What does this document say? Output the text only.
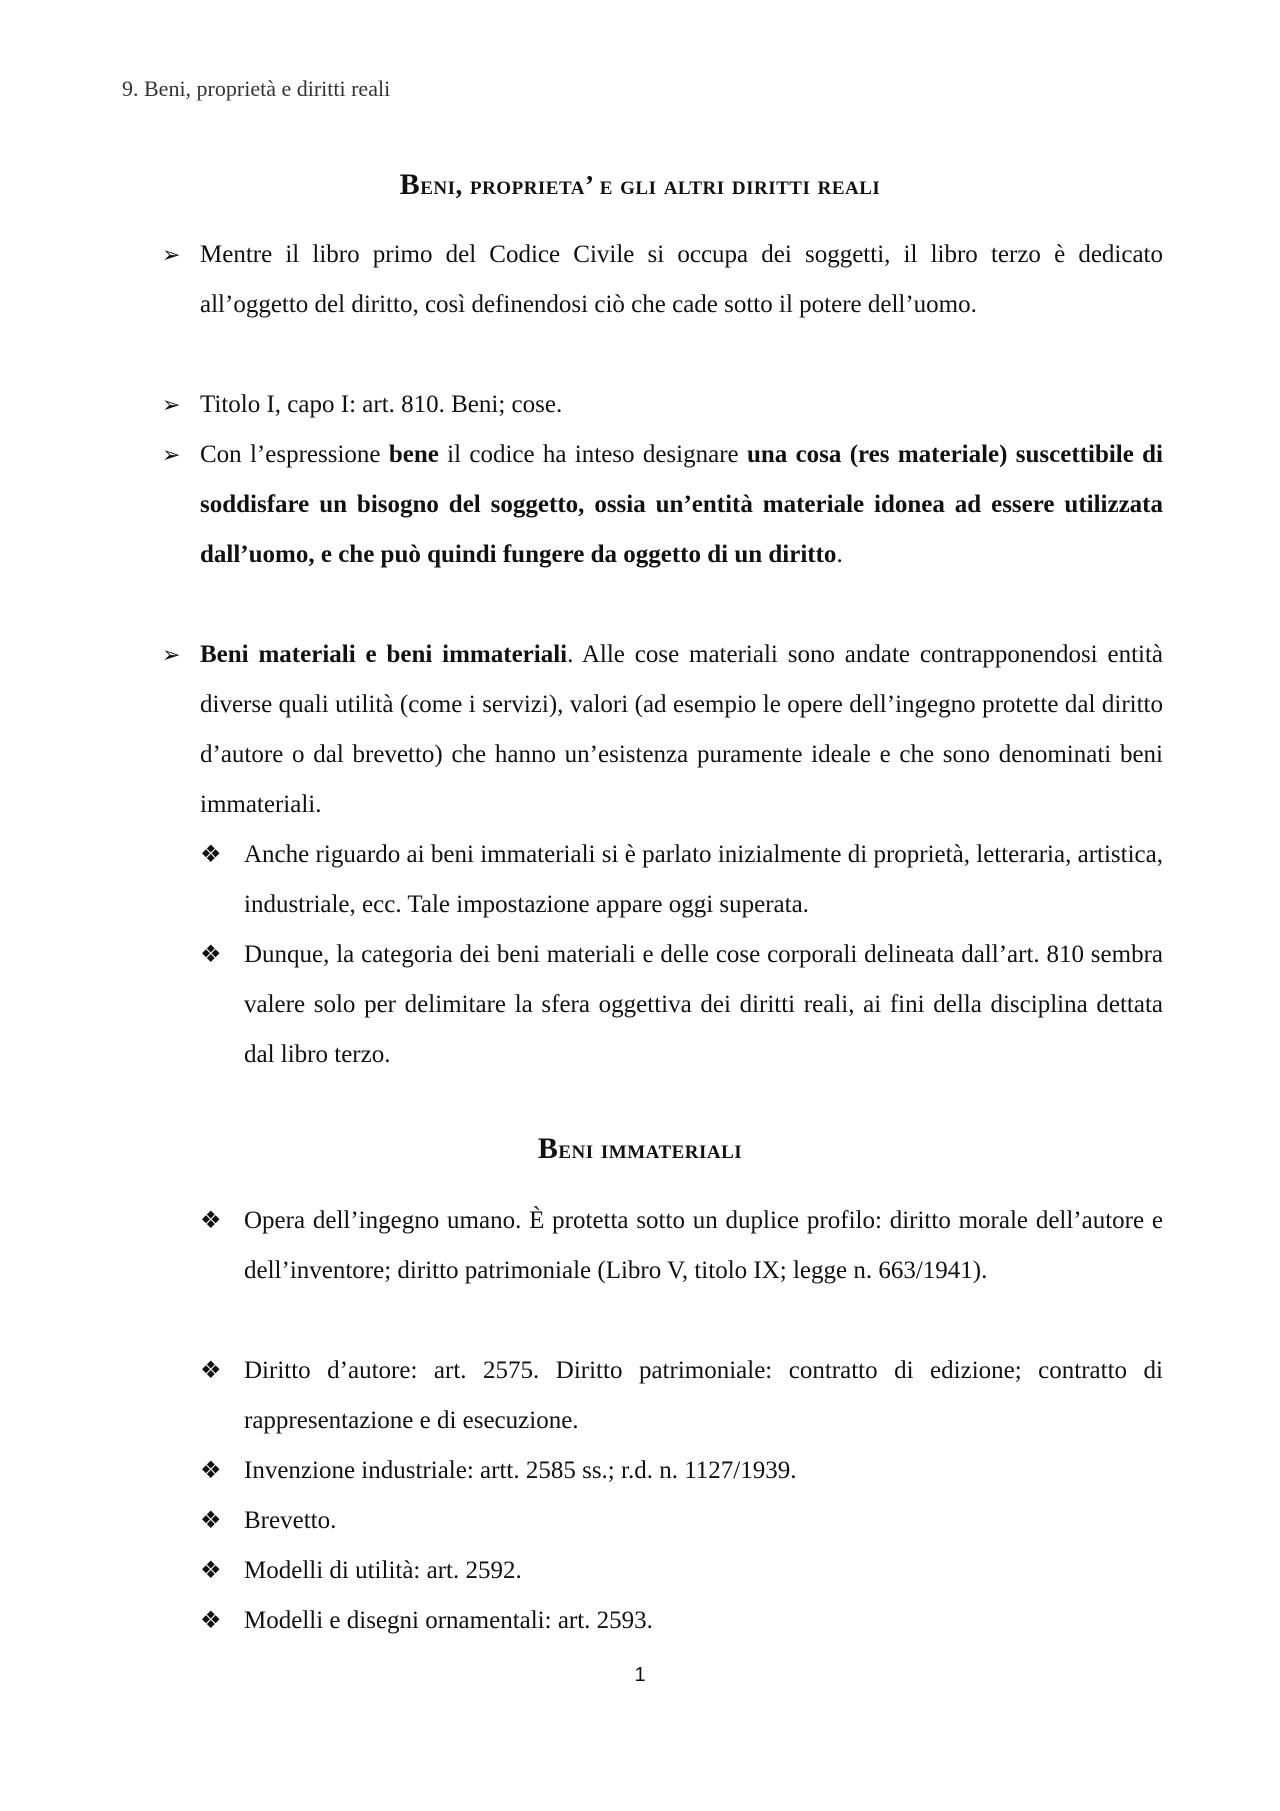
9. Beni, proprietà e diritti reali
Beni, proprieta’ e gli altri diritti reali
➢ Mentre il libro primo del Codice Civile si occupa dei soggetti, il libro terzo è dedicato all’oggetto del diritto, così definendosi ciò che cade sotto il potere dell’uomo.
➢ Titolo I, capo I: art. 810. Beni; cose.
➢ Con l’espressione bene il codice ha inteso designare una cosa (res materiale) suscettibile di soddisfare un bisogno del soggetto, ossia un’entità materiale idonea ad essere utilizzata dall’uomo, e che può quindi fungere da oggetto di un diritto.
➢ Beni materiali e beni immateriali. Alle cose materiali sono andate contrapponendosi entità diverse quali utilità (come i servizi), valori (ad esempio le opere dell’ingegno protette dal diritto d’autore o dal brevetto) che hanno un’esistenza puramente ideale e che sono denominati beni immateriali.
❖ Anche riguardo ai beni immateriali si è parlato inizialmente di proprietà, letteraria, artistica, industriale, ecc. Tale impostazione appare oggi superata.
❖ Dunque, la categoria dei beni materiali e delle cose corporali delineata dall’art. 810 sembra valere solo per delimitare la sfera oggettiva dei diritti reali, ai fini della disciplina dettata dal libro terzo.
Beni immateriali
❖ Opera dell’ingegno umano. È protetta sotto un duplice profilo: diritto morale dell’autore e dell’inventore; diritto patrimoniale (Libro V, titolo IX; legge n. 663/1941).
❖ Diritto d’autore: art. 2575. Diritto patrimoniale: contratto di edizione; contratto di rappresentazione e di esecuzione.
❖ Invenzione industriale: artt. 2585 ss.; r.d. n. 1127/1939.
❖ Brevetto.
❖ Modelli di utilità: art. 2592.
❖ Modelli e disegni ornamentali: art. 2593.
1
